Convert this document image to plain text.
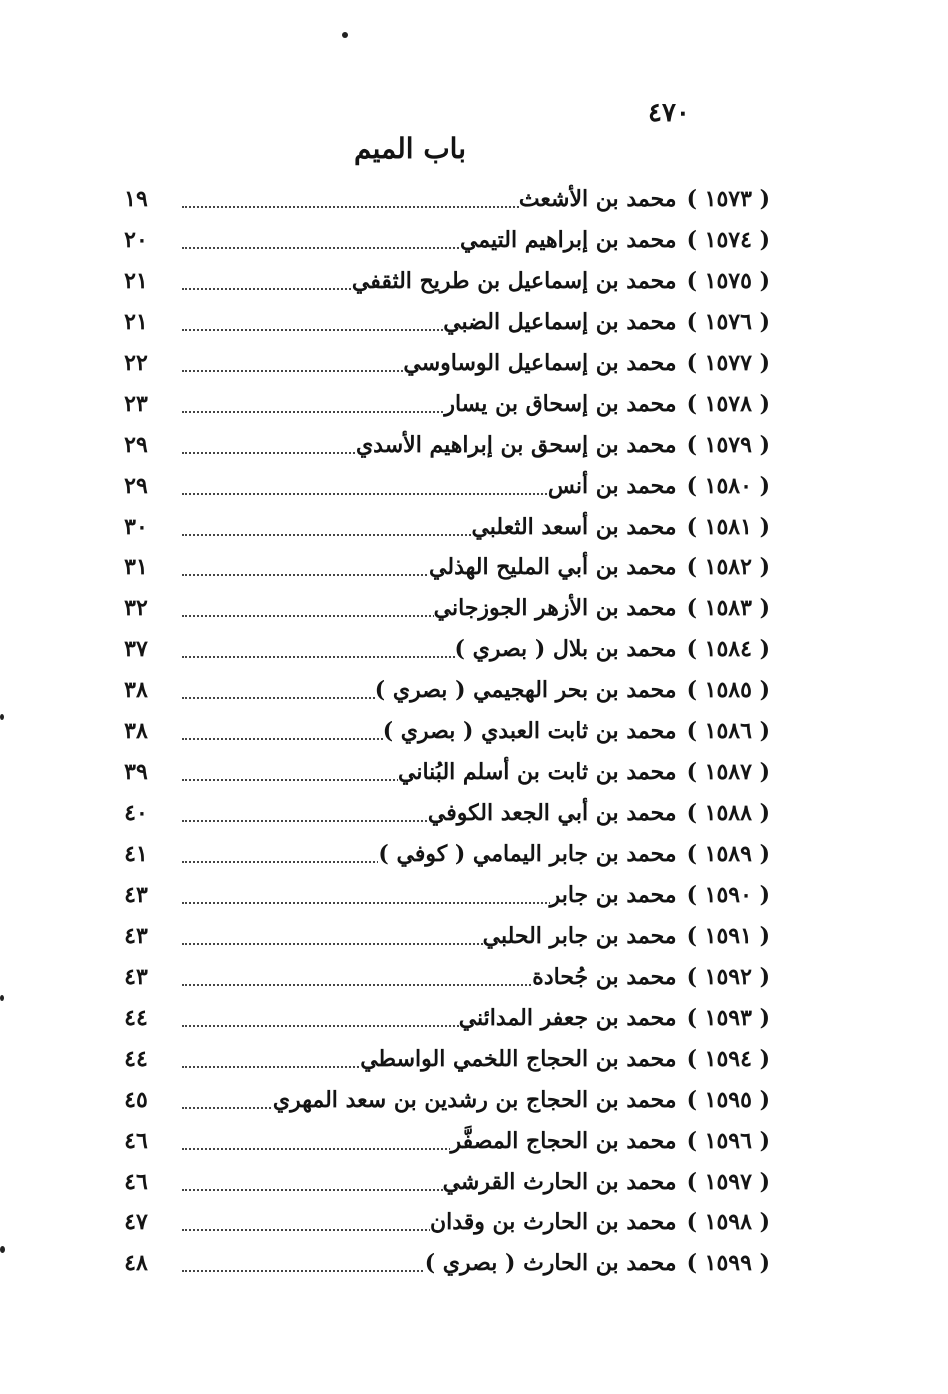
٤٧٠
باب الميم
١٩	( ١٥٧٣ )محمد بن الأشعث
٢٠	( ١٥٧٤ )محمد بن إبراهيم التيمي
٢١	( ١٥٧٥ )محمد بن إسماعيل بن طريح الثقفي
٢١	( ١٥٧٦ )محمد بن إسماعيل الضبي
٢٢	( ١٥٧٧ )محمد بن إسماعيل الوساوسي
٢٣	( ١٥٧٨ )محمد بن إسحاق بن يسار
٢٩	( ١٥٧٩ )محمد بن إسحق بن إبراهيم الأسدي
٢٩	( ١٥٨٠ )محمد بن أنس
٣٠	( ١٥٨١ )محمد بن أسعد الثعلبي
٣١	( ١٥٨٢ )محمد بن أبي المليح الهذلي
٣٢	( ١٥٨٣ )محمد بن الأزهر الجوزجاني
٣٧	( ١٥٨٤ )محمد بن بلال ( بصري )
٣٨	( ١٥٨٥ )محمد بن بحر الهجيمي ( بصري )
٣٨	( ١٥٨٦ )محمد بن ثابت العبدي ( بصري )
٣٩	( ١٥٨٧ )محمد بن ثابت بن أسلم البُناني
٤٠	( ١٥٨٨ )محمد بن أبي الجعد الكوفي
٤١	( ١٥٨٩ )محمد بن جابر اليمامي ( كوفي )
٤٣	( ١٥٩٠ )محمد بن جابر
٤٣	( ١٥٩١ )محمد بن جابر الحلبي
٤٣	( ١٥٩٢ )محمد بن جُحادة
٤٤	( ١٥٩٣ )محمد بن جعفر المدائني
٤٤	( ١٥٩٤ )محمد بن الحجاج اللخمي الواسطي
٤٥	( ١٥٩٥ )محمد بن الحجاج بن رشدين بن سعد المهري
٤٦	( ١٥٩٦ )محمد بن الحجاج المصفَّر
٤٦	( ١٥٩٧ )محمد بن الحارث القرشي
٤٧	( ١٥٩٨ )محمد بن الحارث بن وقدان
٤٨	( ١٥٩٩ )محمد بن الحارث ( بصري )
